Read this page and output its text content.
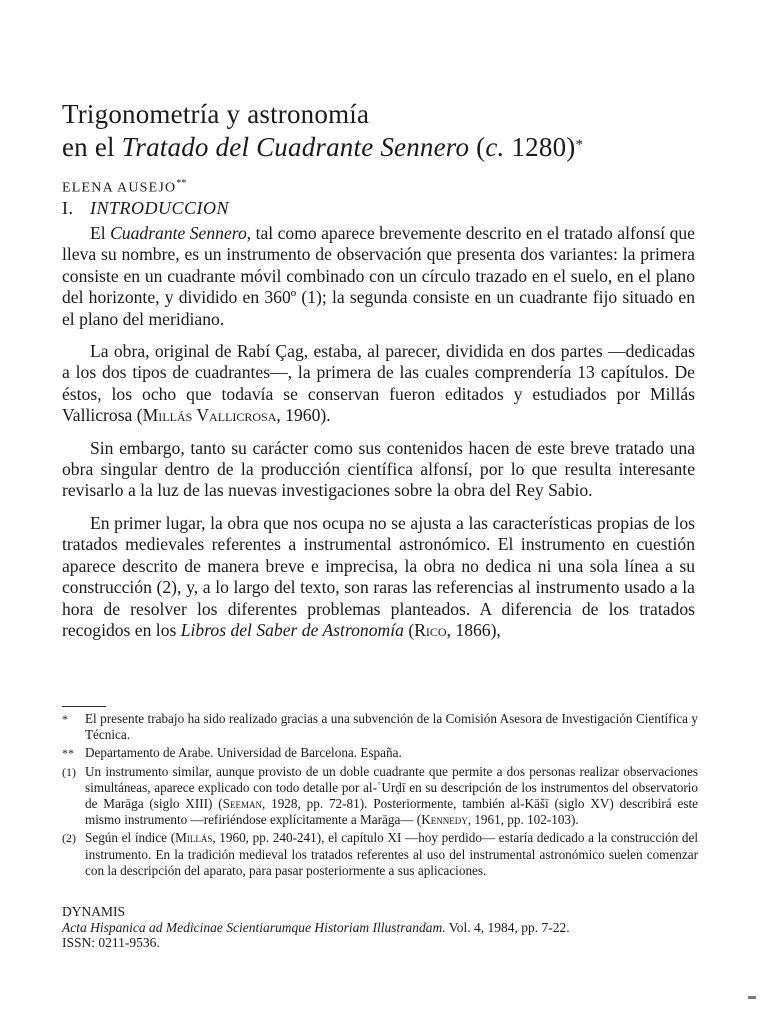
Trigonometría y astronomía
en el Tratado del Cuadrante Sennero (c. 1280)*
ELENA AUSEJO**
I. INTRODUCCION

El Cuadrante Sennero, tal como aparece brevemente descrito en el tratado alfonsí que lleva su nombre, es un instrumento de observación que presenta dos variantes: la primera consiste en un cuadrante móvil combinado con un círculo trazado en el suelo, en el plano del horizonte, y dividido en 360º (1); la segunda consiste en un cuadrante fijo situado en el plano del meridiano.

La obra, original de Rabí Çag, estaba, al parecer, dividida en dos partes —dedicadas a los dos tipos de cuadrantes—, la primera de las cuales comprendería 13 capítulos. De éstos, los ocho que todavía se conservan fueron editados y estudiados por Millás Vallicrosa (Millás Vallicrosa, 1960).

Sin embargo, tanto su carácter como sus contenidos hacen de este breve tratado una obra singular dentro de la producción científica alfonsí, por lo que resulta interesante revisarlo a la luz de las nuevas investigaciones sobre la obra del Rey Sabio.

En primer lugar, la obra que nos ocupa no se ajusta a las características propias de los tratados medievales referentes a instrumental astronómico. El instrumento en cuestión aparece descrito de manera breve e imprecisa, la obra no dedica ni una sola línea a su construcción (2), y, a lo largo del texto, son raras las referencias al instrumento usado a la hora de resolver los diferentes problemas planteados. A diferencia de los tratados recogidos en los Libros del Saber de Astronomía (Rico, 1866),

*	El presente trabajo ha sido realizado gracias a una subvención de la Comisión Asesora de Investigación Científica y Técnica.
** Departamento de Arabe. Universidad de Barcelona. España.
(1) Un instrumento similar, aunque provisto de un doble cuadrante que permite a dos personas realizar observaciones simultáneas, aparece explicado con todo detalle por al-ʿUrḍī en su descripción de los instrumentos del observatorio de Marāga (siglo XIII) (Seeman, 1928, pp. 72-81). Posteriormente, también al-Kāšī (siglo XV) describirá este mismo instrumento —refiriéndose explícitamente a Marāga— (Kennedy, 1961, pp. 102-103).
(2) Según el índice (Millás, 1960, pp. 240-241), el capítulo XI —hoy perdido— estaría dedicado a la construcción del instrumento. En la tradición medieval los tratados referentes al uso del instrumental astronómico suelen comenzar con la descripción del aparato, para pasar posteriormente a sus aplicaciones.
DYNAMIS
Acta Hispanica ad Medicinae Scientiarumque Historiam Illustrandam. Vol. 4, 1984, pp. 7-22.
ISSN: 0211-9536.
